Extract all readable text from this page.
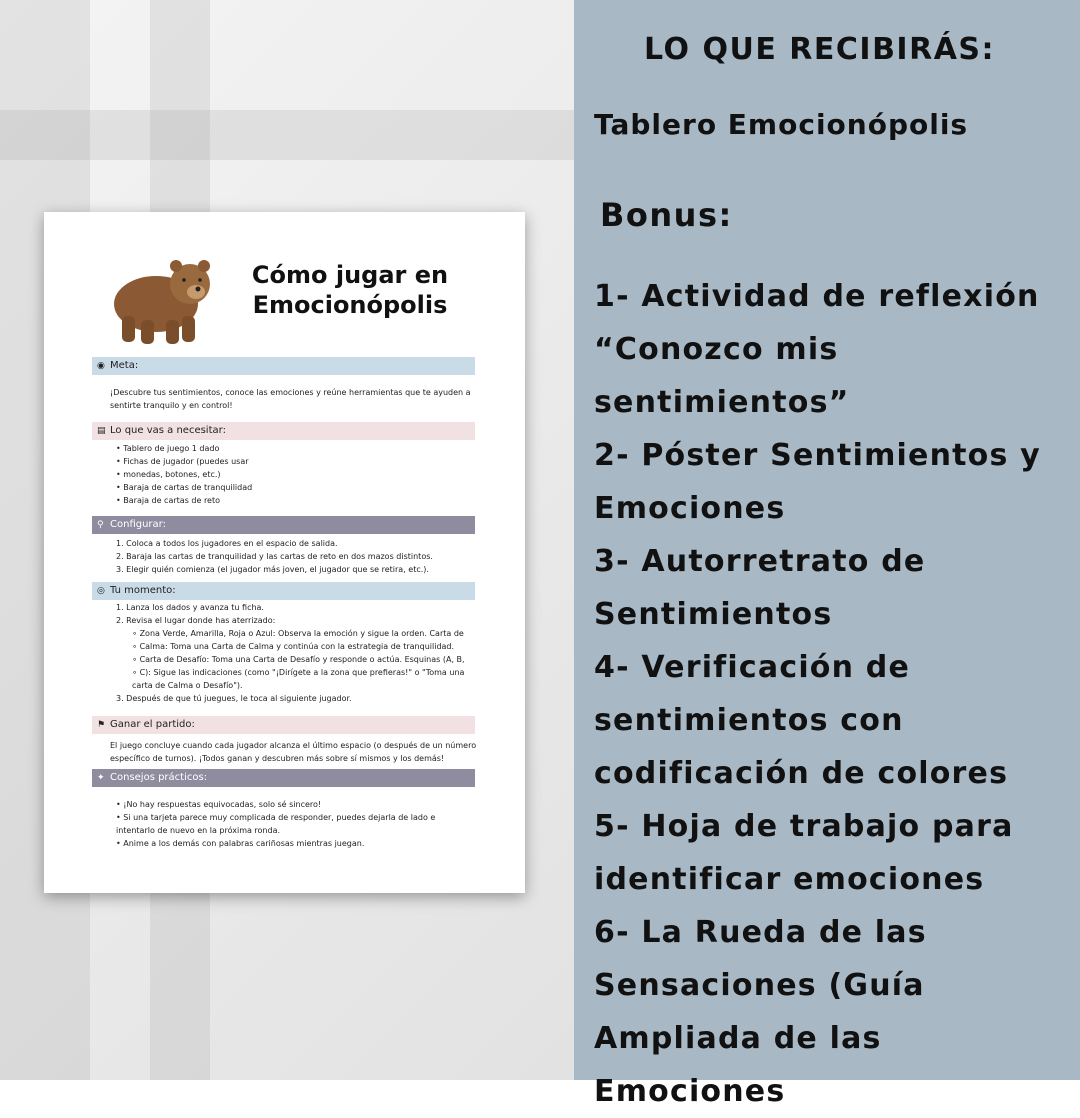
LO QUE RECIBIRÁS:
Tablero Emocionópolis
Bonus:
1- Actividad de reflexión
“Conozco mis sentimientos”
2- Póster Sentimientos y
Emociones
3- Autorretrato de
Sentimientos
4- Verificación de
sentimientos con
codificación de colores
5- Hoja de trabajo para
identificar emociones
6- La Rueda de las
Sensaciones (Guía
Ampliada de las Emociones
Cómo jugar en Emocionópolis
◉ Meta:
¡Descubre tus sentimientos, conoce las emociones y reúne herramientas que te ayuden a sentirte tranquilo y en control!
▤ Lo que vas a necesitar:
• Tablero de juego 1 dado
• Fichas de jugador (puedes usar
• monedas, botones, etc.)
• Baraja de cartas de tranquilidad
• Baraja de cartas de reto
⚲ Configurar:
1. Coloca a todos los jugadores en el espacio de salida.
2. Baraja las cartas de tranquilidad y las cartas de reto en dos mazos distintos.
3. Elegir quién comienza (el jugador más joven, el jugador que se retira, etc.).
◎ Tu momento:
1. Lanza los dados y avanza tu ficha.
2. Revisa el lugar donde has aterrizado:
∘ Zona Verde, Amarilla, Roja o Azul: Observa la emoción y sigue la orden. Carta de
∘ Calma: Toma una Carta de Calma y continúa con la estrategia de tranquilidad.
∘ Carta de Desafío: Toma una Carta de Desafío y responde o actúa. Esquinas (A, B,
∘ C): Sigue las indicaciones (como "¡Dirígete a la zona que prefieras!" o "Toma una carta de Calma o Desafío").
3. Después de que tú juegues, le toca al siguiente jugador.
⚑ Ganar el partido:
El juego concluye cuando cada jugador alcanza el último espacio (o después de un número específico de turnos). ¡Todos ganan y descubren más sobre sí mismos y los demás!
✦ Consejos prácticos:
• ¡No hay respuestas equivocadas, solo sé sincero!
• Si una tarjeta parece muy complicada de responder, puedes dejarla de lado e intentarlo de nuevo en la próxima ronda.
• Anime a los demás con palabras cariñosas mientras juegan.
